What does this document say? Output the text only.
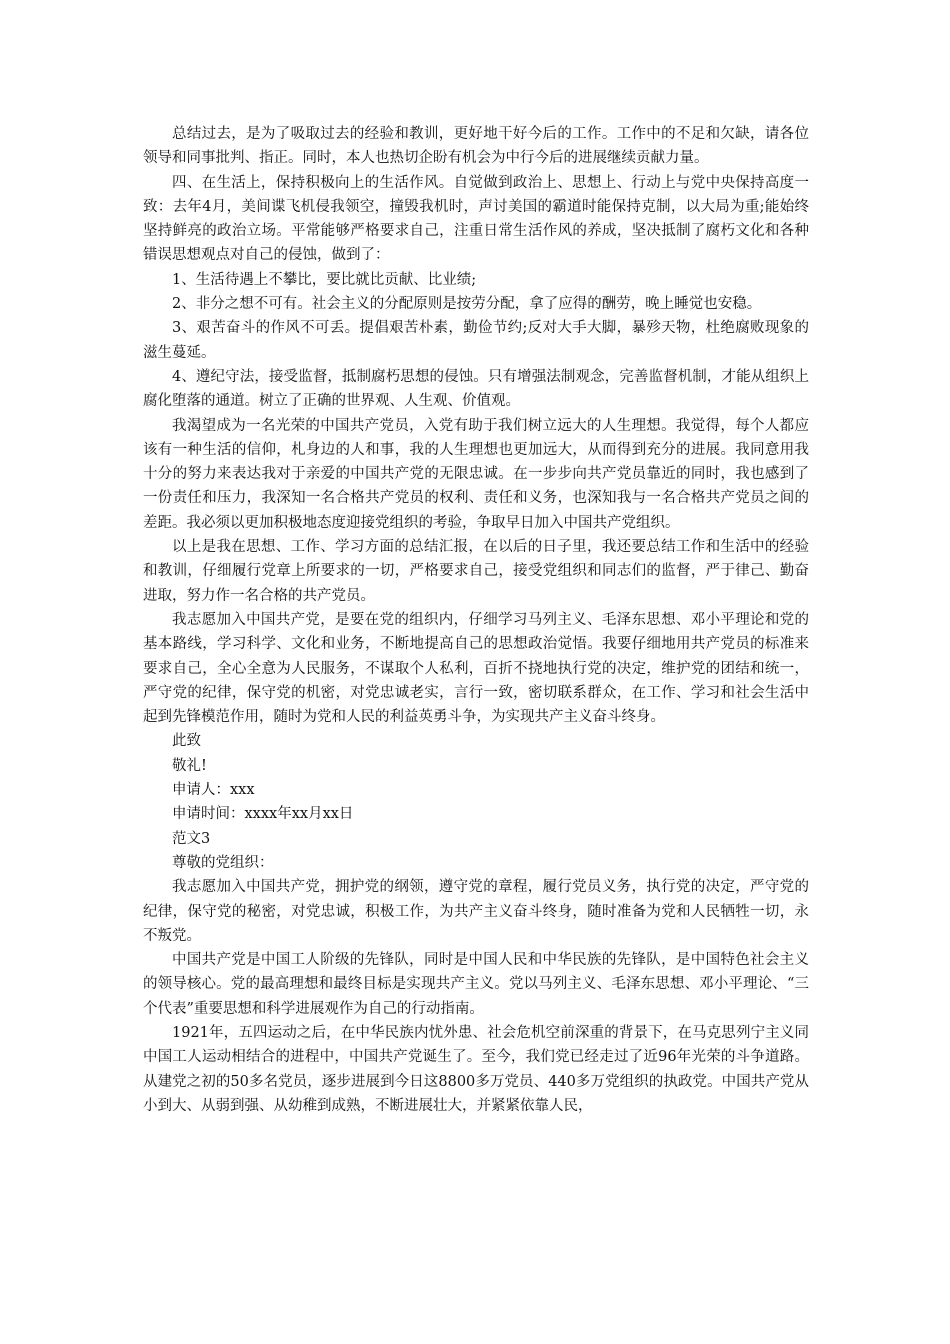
总结过去，是为了吸取过去的经验和教训，更好地干好今后的工作。工作中的不足和欠缺，请各位领导和同事批判、指正。同时，本人也热切企盼有机会为中行今后的进展继续贡献力量。

四、在生活上，保持积极向上的生活作风。自觉做到政治上、思想上、行动上与党中央保持高度一致：去年4月，美间谍飞机侵我领空，撞毁我机时，声讨美国的霸道时能保持克制，以大局为重;能始终坚持鲜亮的政治立场。平常能够严格要求自己，注重日常生活作风的养成，坚决抵制了腐朽文化和各种错误思想观点对自己的侵蚀，做到了：

1、生活待遇上不攀比，要比就比贡献、比业绩;

2、非分之想不可有。社会主义的分配原则是按劳分配，拿了应得的酬劳，晚上睡觉也安稳。

3、艰苦奋斗的作风不可丢。提倡艰苦朴素，勤俭节约;反对大手大脚，暴殄天物，杜绝腐败现象的滋生蔓延。

4、遵纪守法，接受监督，抵制腐朽思想的侵蚀。只有增强法制观念，完善监督机制，才能从组织上腐化堕落的通道。树立了正确的世界观、人生观、价值观。

我渴望成为一名光荣的中国共产党员，入党有助于我们树立远大的人生理想。我觉得，每个人都应该有一种生活的信仰，札身边的人和事，我的人生理想也更加远大，从而得到充分的进展。我同意用我十分的努力来表达我对于亲爱的中国共产党的无限忠诚。在一步步向共产党员靠近的同时，我也感到了一份责任和压力，我深知一名合格共产党员的权利、责任和义务，也深知我与一名合格共产党员之间的差距。我必须以更加积极地态度迎接党组织的考验，争取早日加入中国共产党组织。

以上是我在思想、工作、学习方面的总结汇报，在以后的日子里，我还要总结工作和生活中的经验和教训，仔细履行党章上所要求的一切，严格要求自己，接受党组织和同志们的监督，严于律己、勤奋进取，努力作一名合格的共产党员。

我志愿加入中国共产党，是要在党的组织内，仔细学习马列主义、毛泽东思想、邓小平理论和党的基本路线，学习科学、文化和业务，不断地提高自己的思想政治觉悟。我要仔细地用共产党员的标准来要求自己，全心全意为人民服务，不谋取个人私利，百折不挠地执行党的决定，维护党的团结和统一，严守党的纪律，保守党的机密，对党忠诚老实，言行一致，密切联系群众，在工作、学习和社会生活中起到先锋模范作用，随时为党和人民的利益英勇斗争，为实现共产主义奋斗终身。

此致

敬礼!

申请人：xxx

申请时间：xxxx年xx月xx日

范文3

尊敬的党组织：

我志愿加入中国共产党，拥护党的纲领，遵守党的章程，履行党员义务，执行党的决定，严守党的纪律，保守党的秘密，对党忠诚，积极工作，为共产主义奋斗终身，随时准备为党和人民牺牲一切，永不叛党。

中国共产党是中国工人阶级的先锋队，同时是中国人民和中华民族的先锋队，是中国特色社会主义的领导核心。党的最高理想和最终目标是实现共产主义。党以马列主义、毛泽东思想、邓小平理论、“三个代表”重要思想和科学进展观作为自己的行动指南。

1921年，五四运动之后，在中华民族内忧外患、社会危机空前深重的背景下，在马克思列宁主义同中国工人运动相结合的进程中，中国共产党诞生了。至今，我们党已经走过了近96年光荣的斗争道路。从建党之初的50多名党员，逐步进展到今日这8800多万党员、440多万党组织的执政党。中国共产党从小到大、从弱到强、从幼稚到成熟，不断进展壮大，并紧紧依靠人民，
